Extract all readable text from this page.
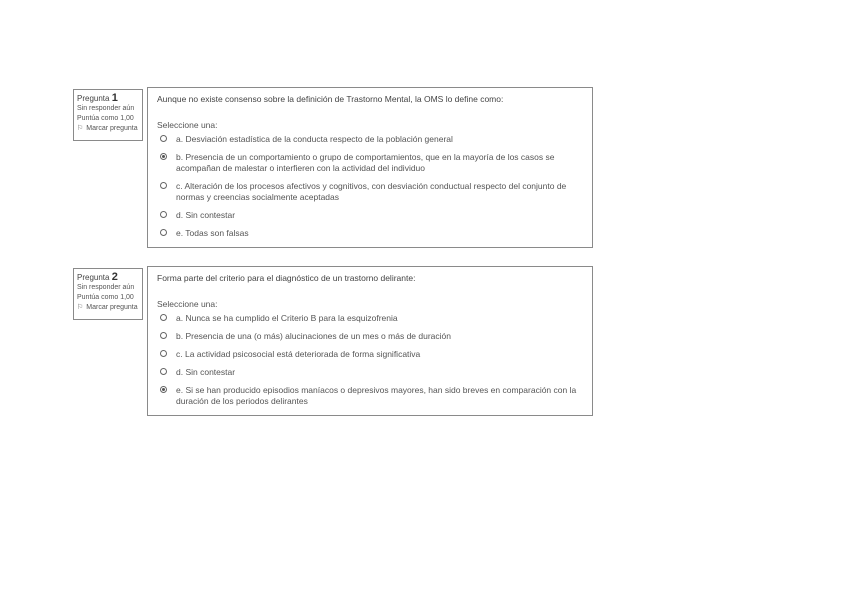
Pregunta 1
Sin responder aún
Puntúa como 1,00
⚐ Marcar pregunta
Aunque no existe consenso sobre la definición de Trastorno Mental, la OMS lo define como:
Seleccione una:
a. Desviación estadística de la conducta respecto de la población general
b. Presencia de un comportamiento o grupo de comportamientos, que en la mayoría de los casos se acompañan de malestar o interfieren con la actividad del individuo
c. Alteración de los procesos afectivos y cognitivos, con desviación conductual respecto del conjunto de normas y creencias socialmente aceptadas
d. Sin contestar
e. Todas son falsas
Pregunta 2
Sin responder aún
Puntúa como 1,00
⚐ Marcar pregunta
Forma parte del criterio para el diagnóstico de un trastorno delirante:
Seleccione una:
a. Nunca se ha cumplido el Criterio B para la esquizofrenia
b. Presencia de una (o más) alucinaciones de un mes o más de duración
c. La actividad psicosocial está deteriorada de forma significativa
d. Sin contestar
e. Si se han producido episodios maníacos o depresivos mayores, han sido breves en comparación con la duración de los periodos delirantes
